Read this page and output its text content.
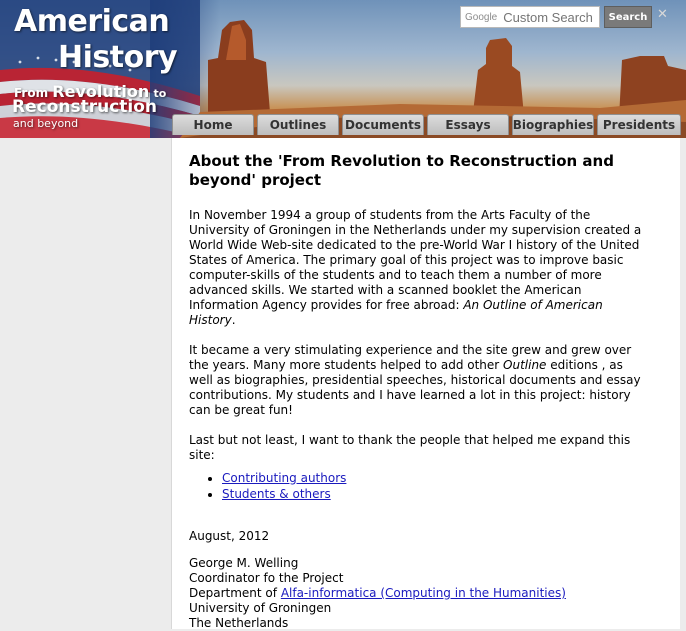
American
History
From Revolution to
Reconstruction
and beyond
Google
Custom Search	Search ✕
Home	Outlines	Documents	Essays	Biographies Presidents
About the 'From Revolution to Reconstruction and beyond' project

In November 1994 a group of students from the Arts Faculty of the University of Groningen in the Netherlands under my supervision created a World Wide Web-site dedicated to the pre-World War I history of the United States of America. The primary goal of this project was to improve basic computer-skills of the students and to teach them a number of more advanced skills. We started with a scanned booklet the American Information Agency provides for free abroad: An Outline of American History.

It became a very stimulating experience and the site grew and grew over the years. Many more students helped to add other Outline editions , as well as biographies, presidential speeches, historical documents and essay contributions. My students and I have learned a lot in this project: history can be great fun!

Last but not least, I want to thank the people that helped me expand this site:

• Contributing authors
• Students & others

August, 2012

George M. Welling

Coordinator fo the Project

Department of Alfa-informatica (Computing in the Humanities)

University of Groningen

The Netherlands
